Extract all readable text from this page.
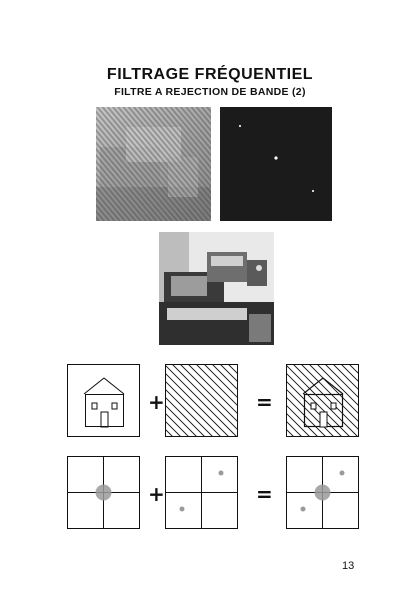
FILTRAGE FRÉQUENTIEL
FILTRE A REJECTION DE BANDE (2)
+	=
+	=
13
